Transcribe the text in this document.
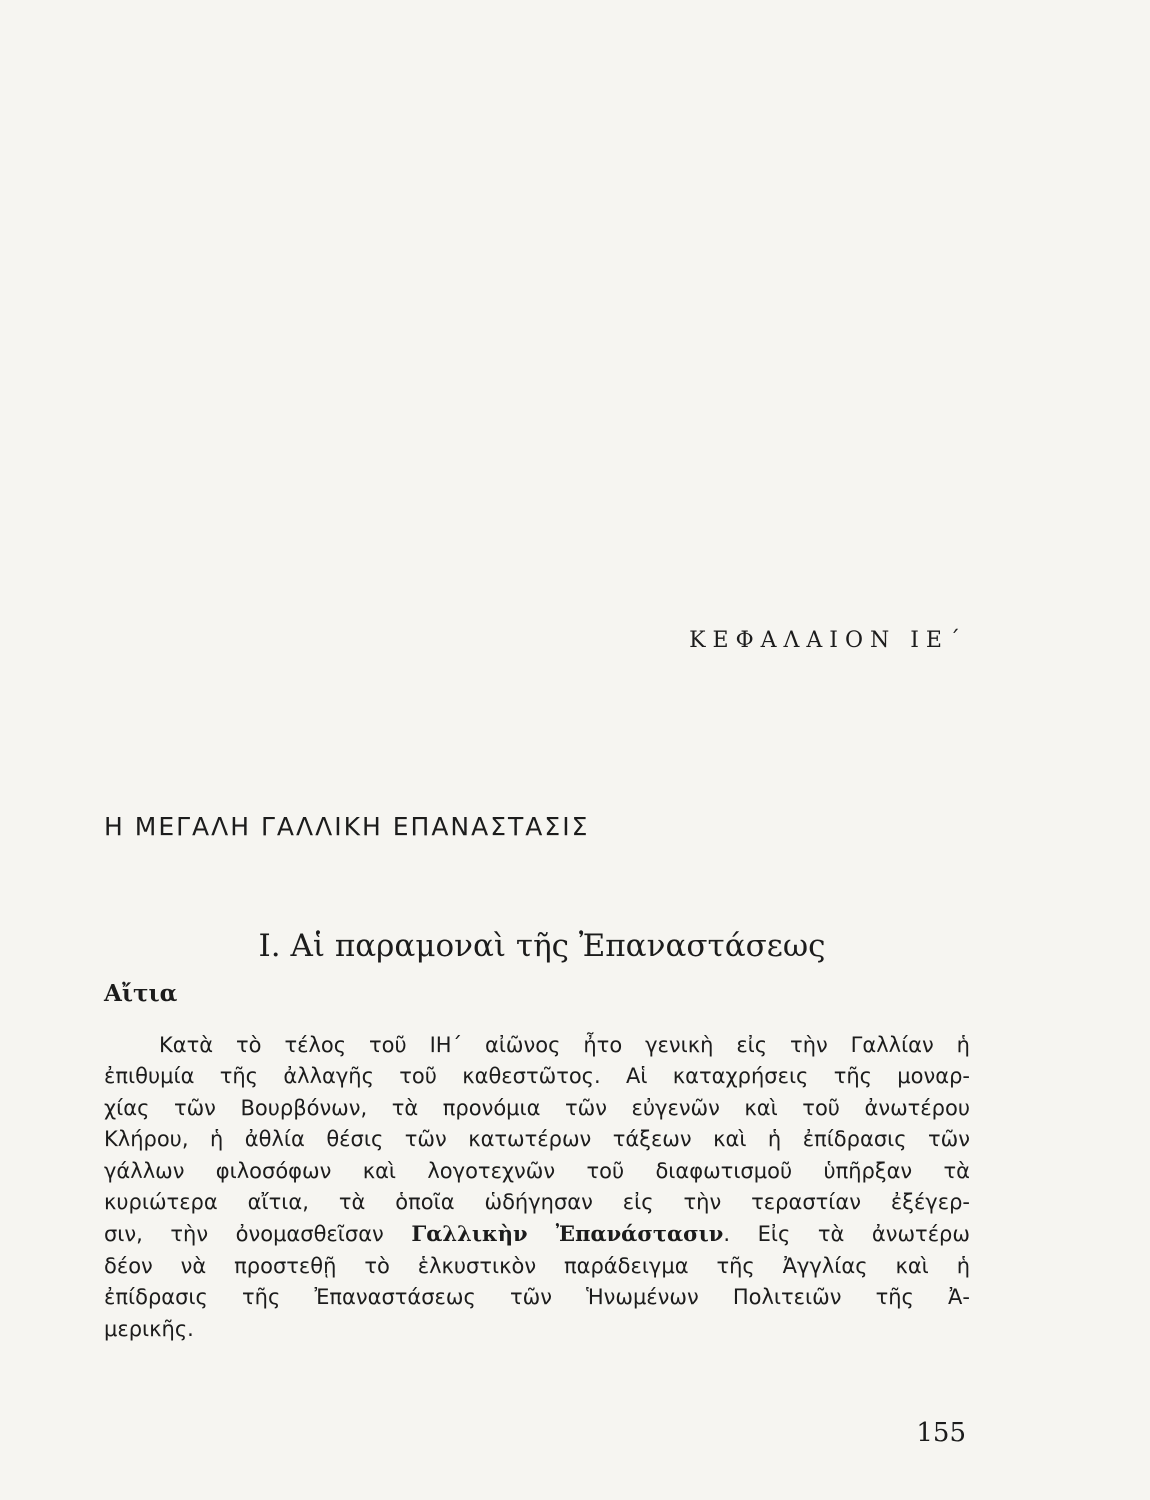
ΚΕΦΑΛΑΙΟΝ ΙΕ΄
Η ΜΕΓΑΛΗ ΓΑΛΛΙΚΗ ΕΠΑΝΑΣΤΑΣΙΣ
Ι. Αἱ παραμοναὶ τῆς Ἐπαναστάσεως
Αἴτια

Κατὰ τὸ τέλος τοῦ ΙΗ΄ αἰῶνος ἦτο γενικὴ εἰς τὴν Γαλλίαν ἡ
ἐπιθυμία τῆς ἀλλαγῆς τοῦ καθεστῶτος. Αἱ καταχρήσεις τῆς μοναρ-
χίας τῶν Βουρβόνων, τὰ προνόμια τῶν εὐγενῶν καὶ τοῦ ἀνωτέρου
Κλήρου, ἡ ἀθλία θέσις τῶν κατωτέρων τάξεων καὶ ἡ ἐπίδρασις τῶν
γάλλων φιλοσόφων καὶ λογοτεχνῶν τοῦ διαφωτισμοῦ ὑπῆρξαν τὰ
κυριώτερα αἴτια, τὰ ὁποῖα ὡδήγησαν εἰς τὴν τεραστίαν ἐξέγερ-
σιν, τὴν ὀνομασθεῖσαν Γαλλικὴν Ἐπανάστασιν. Εἰς τὰ ἀνωτέρω
δέον νὰ προστεθῇ τὸ ἑλκυστικὸν παράδειγμα τῆς Ἀγγλίας καὶ ἡ
ἐπίδρασις τῆς Ἐπαναστάσεως τῶν Ἡνωμένων Πολιτειῶν τῆς Ἀ-
μερικῆς.

155
